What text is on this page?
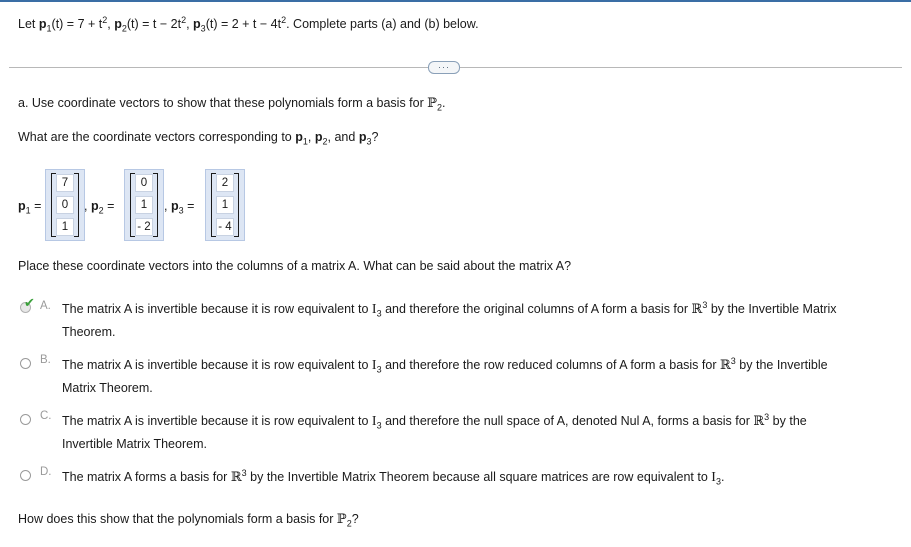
Let $p_1(t) = 7 + t^2$, $p_2(t) = t - 2t^2$, $p_3(t) = 2 + t - 4t^2$. Complete parts (a) and (b) below.
···
a. Use coordinate vectors to show that these polynomials form a basis for ℙ$_2$.
What are the coordinate vectors corresponding to $p_1$, $p_2$, and $p_3$?
$p_1$ =
7
0
1
, $p_2$ =
0
1
- 2
, $p_3$ =
2
1
- 4
Place these coordinate vectors into the columns of a matrix A. What can be said about the matrix A?
✔ A. The matrix A is invertible because it is row equivalent to $I_3$ and therefore the original columns of A form a basis for ℝ$^3$ by the Invertible Matrix
Theorem.
B. The matrix A is invertible because it is row equivalent to $I_3$ and therefore the row reduced columns of A form a basis for ℝ$^3$ by the Invertible
Matrix Theorem.
C. The matrix A is invertible because it is row equivalent to $I_3$ and therefore the null space of A, denoted Nul A, forms a basis for ℝ$^3$ by the
Invertible Matrix Theorem.
D. The matrix A forms a basis for ℝ$^3$ by the Invertible Matrix Theorem because all square matrices are row equivalent to $I_3$.
How does this show that the polynomials form a basis for ℙ$_2$?
